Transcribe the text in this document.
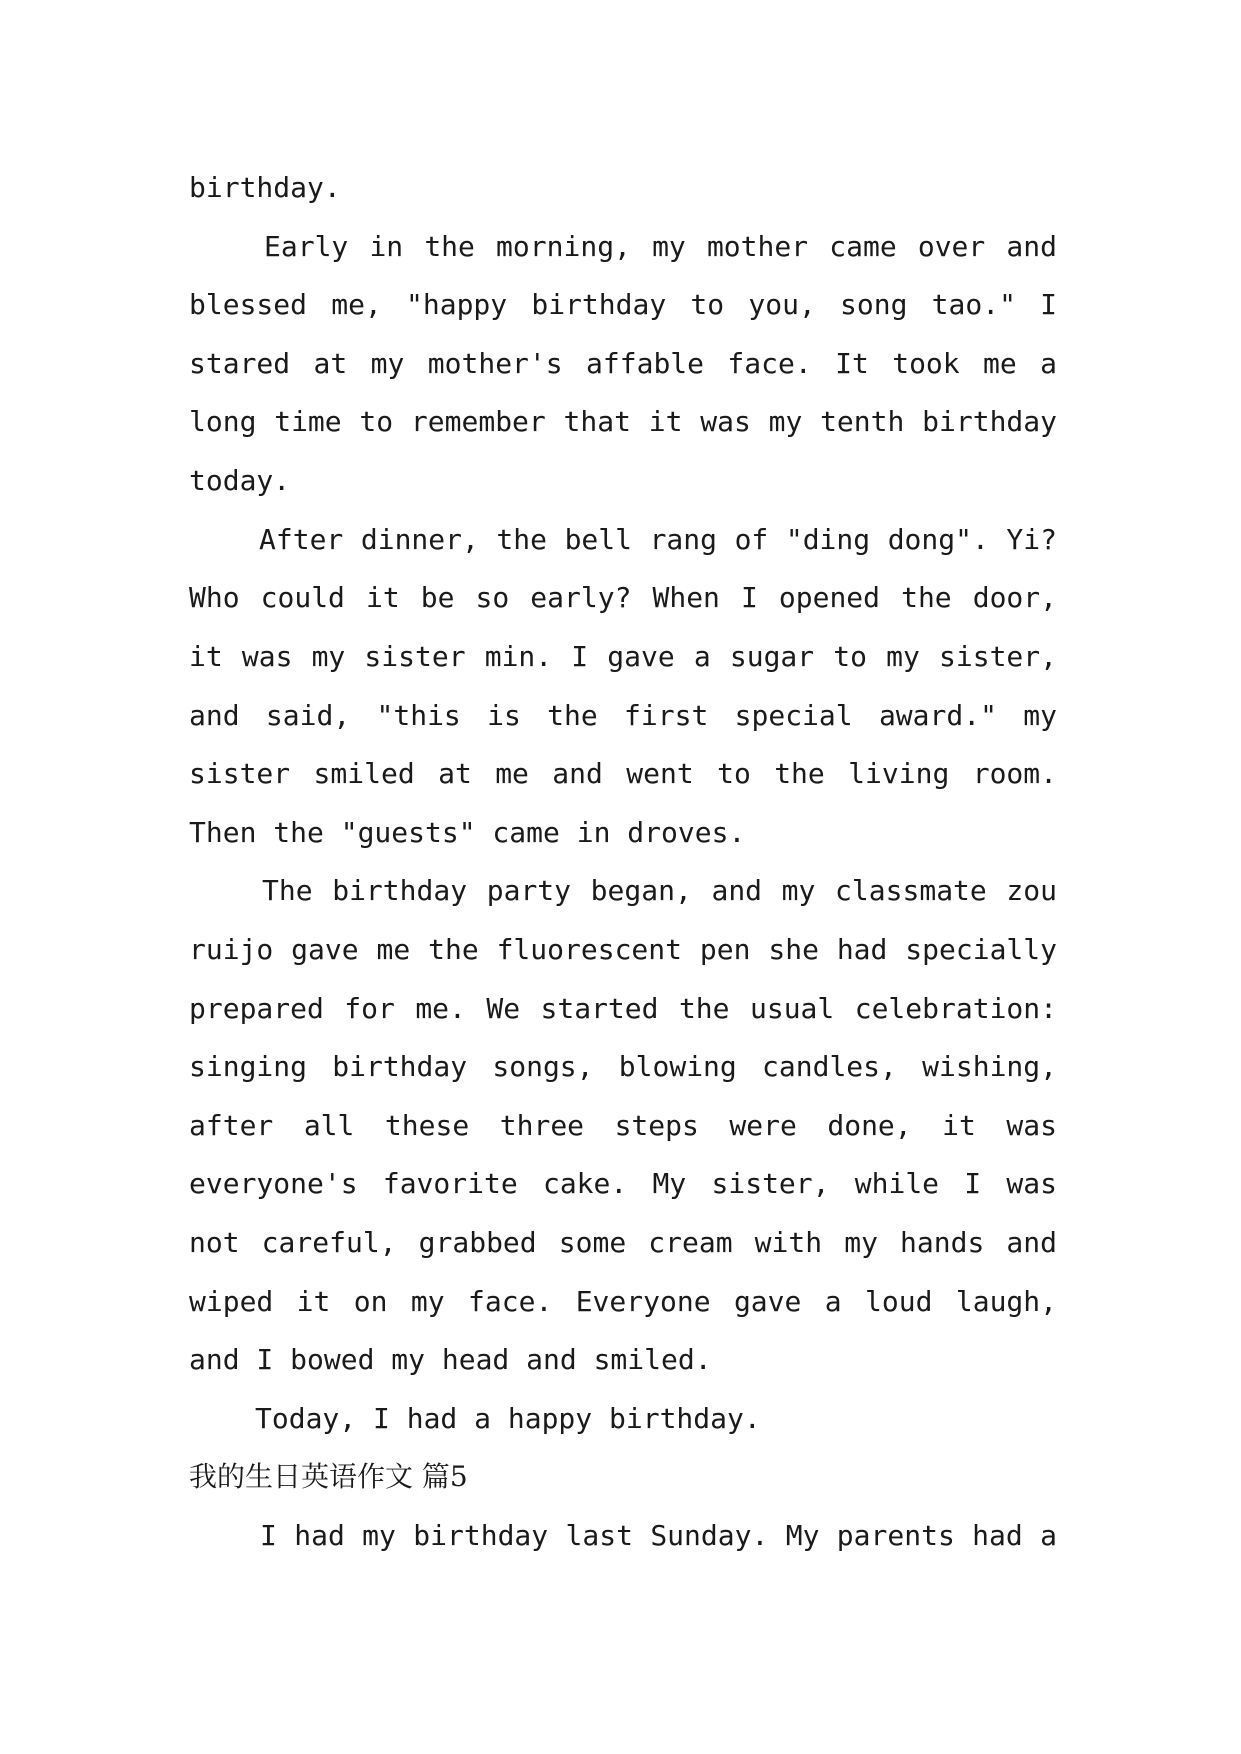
birthday.

Early in the morning, my mother came over and

blessed me, "happy birthday to you, song tao." I

stared at my mother's affable face. It took me a

long time to remember that it was my tenth birthday

today.

After dinner, the bell rang of "ding dong". Yi?

Who could it be so early? When I opened the door,

it was my sister min. I gave a sugar to my sister,

and said, "this is the first special award." my

sister smiled at me and went to the living room.

Then the "guests" came in droves.

The birthday party began, and my classmate zou

ruijo gave me the fluorescent pen she had specially

prepared for me. We started the usual celebration:

singing birthday songs, blowing candles, wishing,

after all these three steps were done, it was

everyone's favorite cake. My sister, while I was

not careful, grabbed some cream with my hands and

wiped it on my face. Everyone gave a loud laugh,

and I bowed my head and smiled.

Today, I had a happy birthday.

我的生日英语作文 篇5

I had my birthday last Sunday. My parents had a
